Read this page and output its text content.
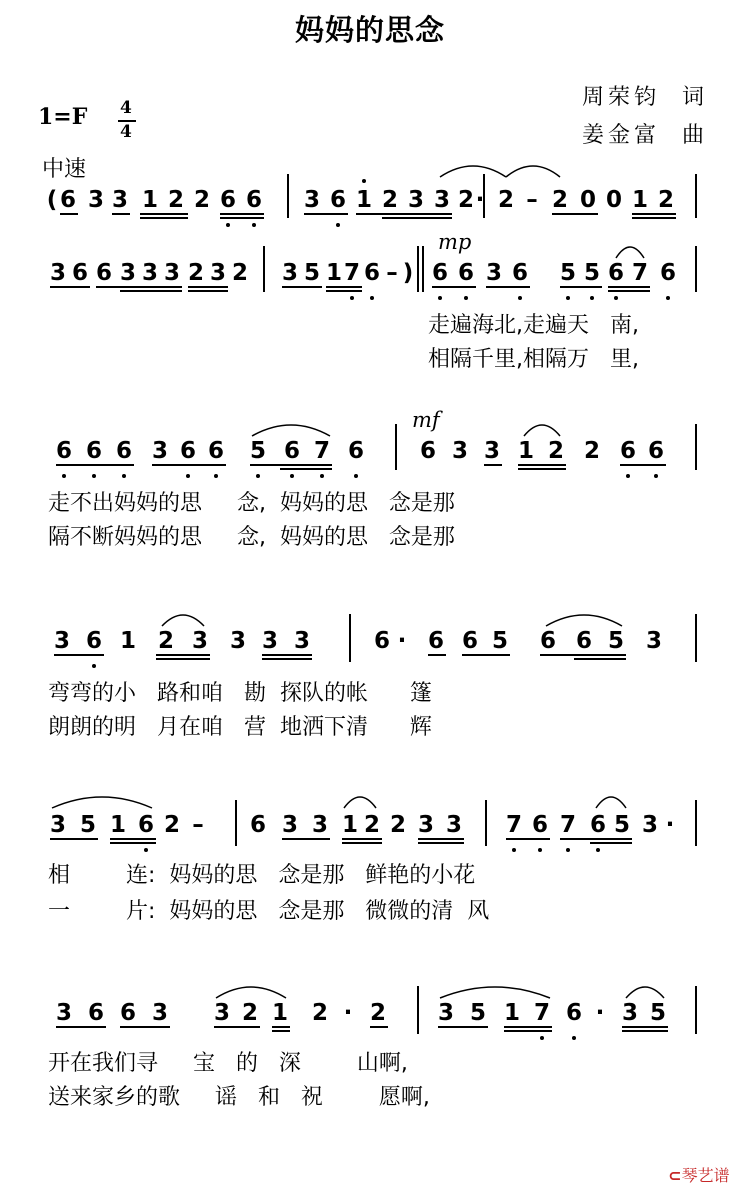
妈妈的思念
周荣钧  词
姜金富  曲
1=F 4
4
中速
mp
mf
( 6 3 3 1 2 2 6 6 3 6 1 2 3 3 2 · 2 – 2 0 0 1 2
3 6 6 3 3 3 2 3 2 3 5 1 7 6 – ) 6 6 3 6 5 5 6 7 6
6 6 6 3 6 6 5 6 7 6 6 3 3 1 2 2 6 6
3 6 1 2 3 3 3 3	6 · 6 6 5 6 6 5 3
3 5 1 6 2 – 6 3 3 1 2 2 3 3 7 6 7 6 5 3 ·
3 6 6 3 3 2 1 2 · 2 3 5 1 7 6 · 3 5
走遍海北,走遍天   南,
相隔千里,相隔万   里,
走不出妈妈的思     念,  妈妈的思   念是那
隔不断妈妈的思     念,  妈妈的思   念是那
弯弯的小   路和咱   勘  探队的帐      篷
朗朗的明   月在咱   营  地洒下清      辉
相        连:  妈妈的思   念是那   鲜艳的小花
一        片:  妈妈的思   念是那   微微的清  风
开在我们寻     宝   的   深        山啊,
送来家乡的歌     谣   和   祝        愿啊,

⊂琴艺谱
